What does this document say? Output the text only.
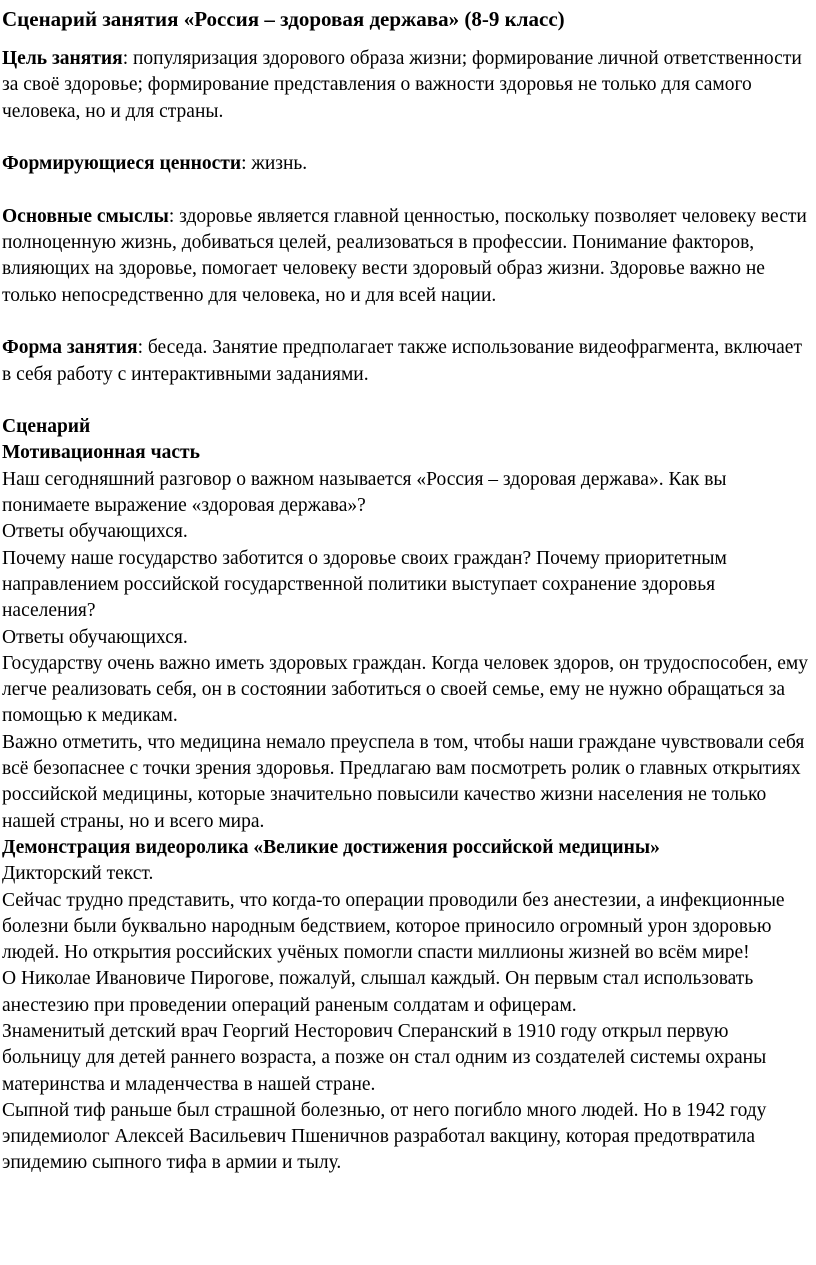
Сценарий занятия «Россия – здоровая держава» (8-9 класс)

Цель занятия: популяризация здорового образа жизни; формирование личной ответственности за своё здоровье; формирование представления о важности здоровья не только для самого человека, но и для страны.

Формирующиеся ценности: жизнь.

Основные смыслы: здоровье является главной ценностью, поскольку позволяет человеку вести полноценную жизнь, добиваться целей, реализоваться в профессии. Понимание факторов, влияющих на здоровье, помогает человеку вести здоровый образ жизни. Здоровье важно не только непосредственно для человека, но и для всей нации.

Форма занятия: беседа. Занятие предполагает также использование видеофрагмента, включает в себя работу с интерактивными заданиями.

Сценарий

Мотивационная часть

Наш сегодняшний разговор о важном называется «Россия – здоровая держава». Как вы понимаете выражение «здоровая держава»?

Ответы обучающихся.

Почему наше государство заботится о здоровье своих граждан? Почему приоритетным направлением российской государственной политики выступает сохранение здоровья населения?

Ответы обучающихся.

Государству очень важно иметь здоровых граждан. Когда человек здоров, он трудоспособен, ему легче реализовать себя, он в состоянии заботиться о своей семье, ему не нужно обращаться за помощью к медикам.

Важно отметить, что медицина немало преуспела в том, чтобы наши граждане чувствовали себя всё безопаснее с точки зрения здоровья. Предлагаю вам посмотреть ролик о главных открытиях российской медицины, которые значительно повысили качество жизни населения не только нашей страны, но и всего мира.

Демонстрация видеоролика «Великие достижения российской медицины»

Дикторский текст.

Сейчас трудно представить, что когда-то операции проводили без анестезии, а инфекционные болезни были буквально народным бедствием, которое приносило огромный урон здоровью людей. Но открытия российских учёных помогли спасти миллионы жизней во всём мире!

О Николае Ивановиче Пирогове, пожалуй, слышал каждый. Он первым стал использовать анестезию при проведении операций раненым солдатам и офицерам.

Знаменитый детский врач Георгий Несторович Сперанский в 1910 году открыл первую больницу для детей раннего возраста, а позже он стал одним из создателей системы охраны материнства и младенчества в нашей стране.

Сыпной тиф раньше был страшной болезнью, от него погибло много людей. Но в 1942 году эпидемиолог Алексей Васильевич Пшеничнов разработал вакцину, которая предотвратила эпидемию сыпного тифа в армии и тылу.
